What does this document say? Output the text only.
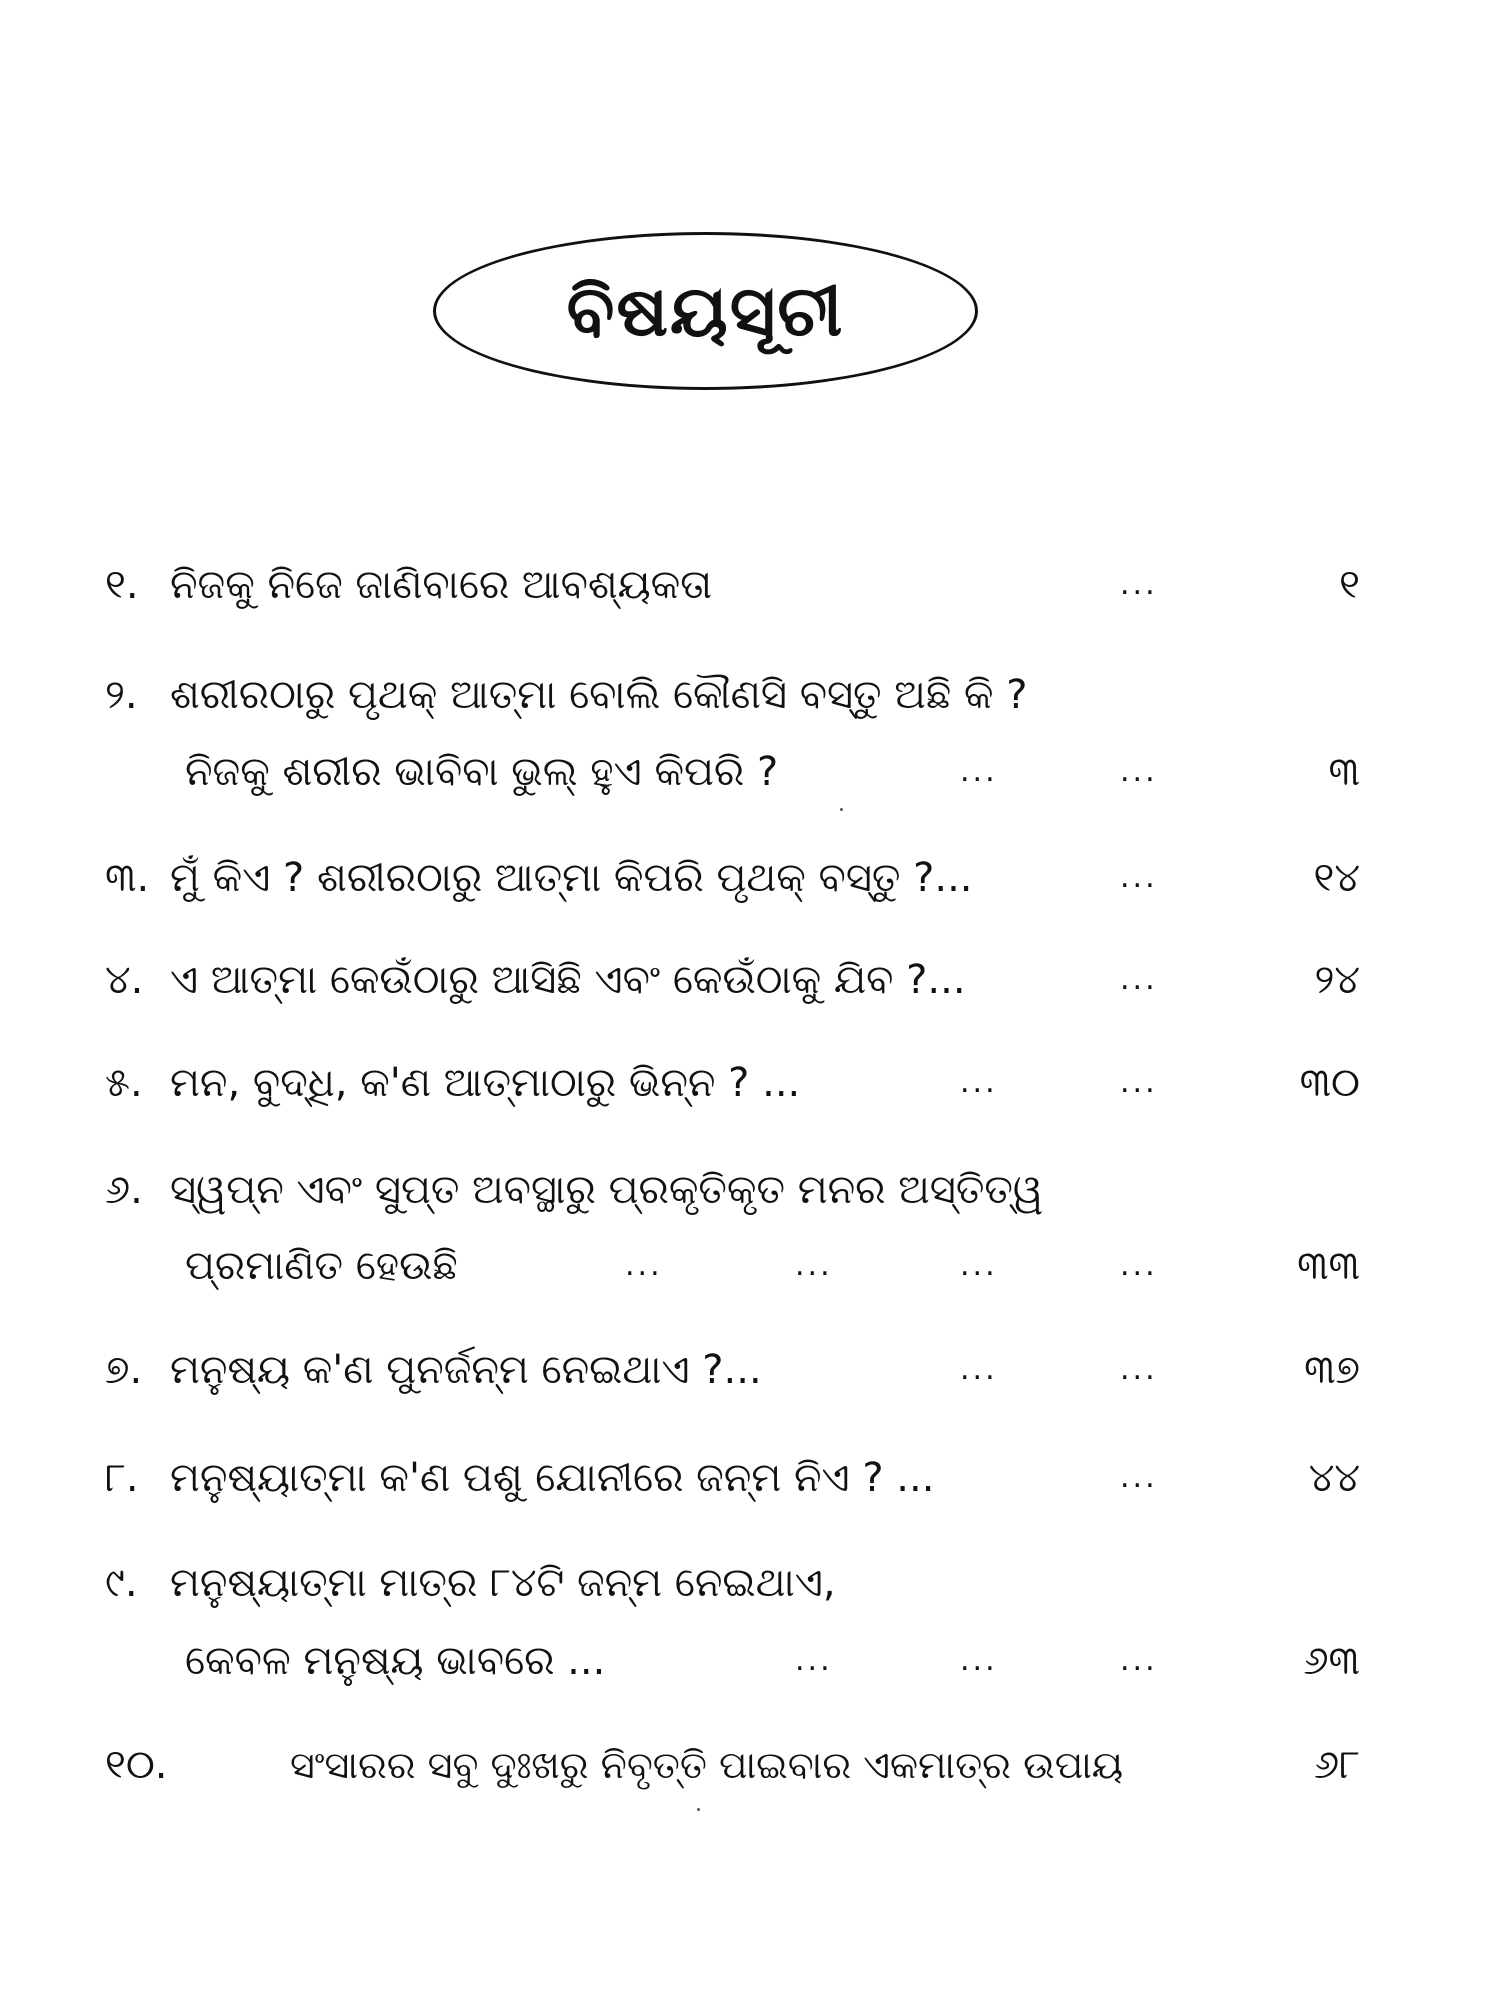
ବିଷୟସୂଚୀ
୧. ନିଜକୁ ନିଜେ ଜାଣିବାରେ ଆବଶ୍ୟକତା	...	୧
୨. ଶରୀରଠାରୁ ପୃଥକ୍ ଆତ୍ମା ବୋଲି କୌଣସି ବସ୍ତୁ ଅଛି କି ?
ନିଜକୁ ଶରୀର ଭାବିବା ଭୁଲ୍ ହୁଏ କିପରି ?	...	...	୩
୩. ମୁଁ କିଏ ? ଶରୀରଠାରୁ ଆତ୍ମା କିପରି ପୃଥକ୍ ବସ୍ତୁ ?...	...	୧୪
୪. ଏ ଆତ୍ମା କେଉଁଠାରୁ ଆସିଛି ଏବଂ କେଉଁଠାକୁ ଯିବ ?...	...	୨୪
୫. ମନ, ବୁଦ୍ଧି, କ'ଣ ଆତ୍ମାଠାରୁ ଭିନ୍ନ ? ...	...	...	୩୦
୬. ସ୍ୱପ୍ନ ଏବଂ ସୁପ୍ତ ଅବସ୍ଥାରୁ ପ୍ରକୃତିକୃତ ମନର ଅସ୍ତିତ୍ୱ
ପ୍ରମାଣିତ ହେଉଛି	...	...	...	...	୩୩
୭. ମନୁଷ୍ୟ କ'ଣ ପୁନର୍ଜନ୍ମ ନେଇଥାଏ ?...	...	...	୩୭
୮. ମନୁଷ୍ୟାତ୍ମା କ'ଣ ପଶୁ ଯୋନୀରେ ଜନ୍ମ ନିଏ ? ...	...	୪୪
୯. ମନୁଷ୍ୟାତ୍ମା ମାତ୍ର ୮୪ଟି ଜନ୍ମ ନେଇଥାଏ,
କେବଳ ମନୁଷ୍ୟ ଭାବରେ ...	...	...	...	୬୩
୧୦.	ସଂସାରର ସବୁ ଦୁଃଖରୁ ନିବୃତ୍ତି ପାଇବାର ଏକମାତ୍ର ଉପାୟ	୬୮
